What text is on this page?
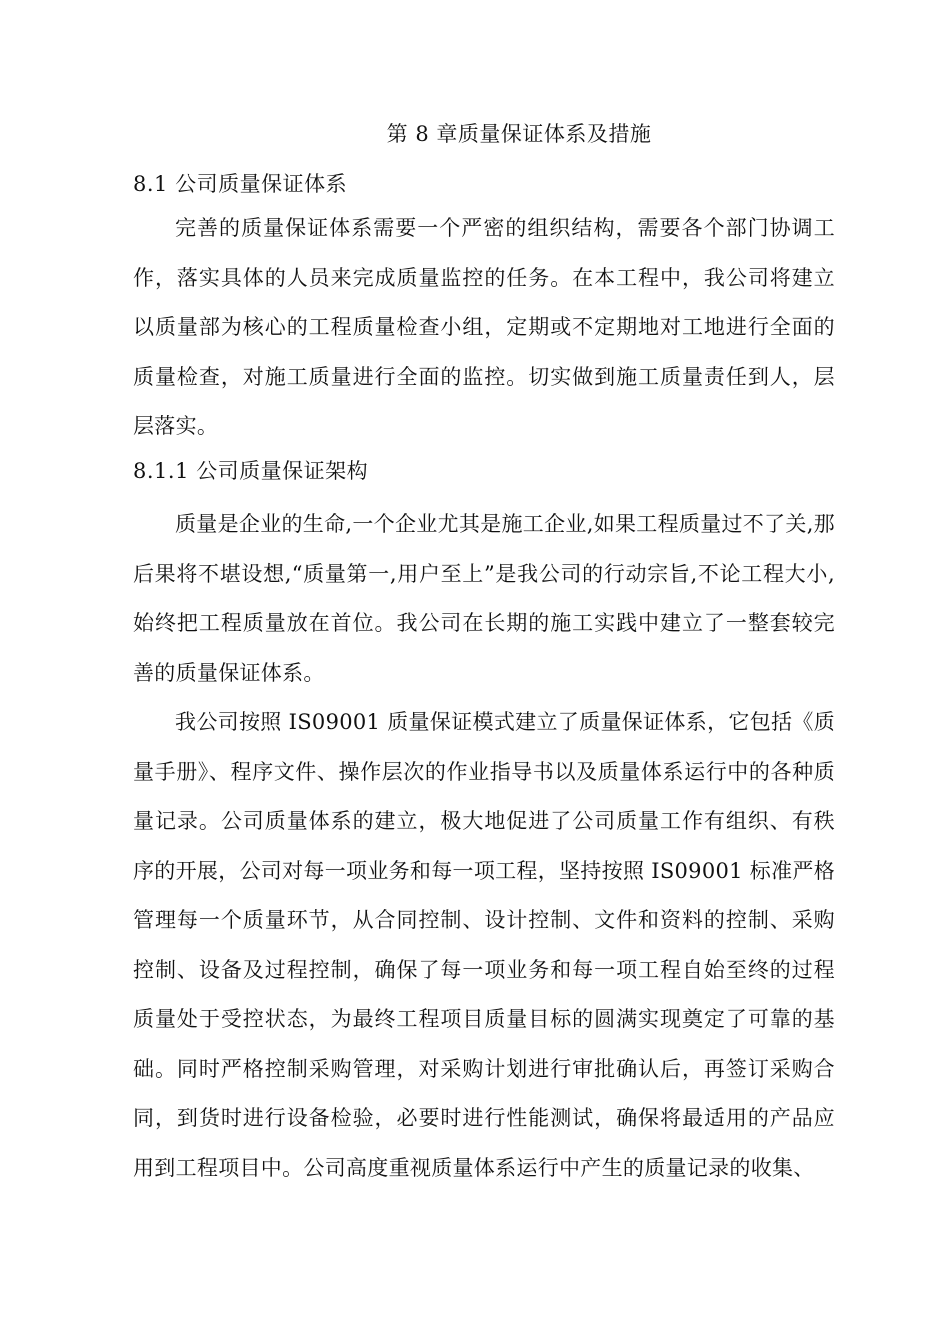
第 8 章质量保证体系及措施
8.1 公司质量保证体系

完善的质量保证体系需要一个严密的组织结构，需要各个部门协调工作，落实具体的人员来完成质量监控的任务。在本工程中，我公司将建立以质量部为核心的工程质量检查小组，定期或不定期地对工地进行全面的质量检查，对施工质量进行全面的监控。切实做到施工质量责任到人，层层落实。

8.1.1 公司质量保证架构

质量是企业的生命,一个企业尤其是施工企业,如果工程质量过不了关,那后果将不堪设想,“质量第一,用户至上”是我公司的行动宗旨,不论工程大小,始终把工程质量放在首位。我公司在长期的施工实践中建立了一整套较完善的质量保证体系。

我公司按照 IS09001 质量保证模式建立了质量保证体系，它包括《质量手册》、程序文件、操作层次的作业指导书以及质量体系运行中的各种质量记录。公司质量体系的建立，极大地促进了公司质量工作有组织、有秩序的开展，公司对每一项业务和每一项工程，坚持按照 IS09001 标准严格管理每一个质量环节，从合同控制、设计控制、文件和资料的控制、采购控制、设备及过程控制，确保了每一项业务和每一项工程自始至终的过程质量处于受控状态，为最终工程项目质量目标的圆满实现奠定了可靠的基础。同时严格控制采购管理，对采购计划进行审批确认后，再签订采购合同，到货时进行设备检验，必要时进行性能测试，确保将最适用的产品应用到工程项目中。公司高度重视质量体系运行中产生的质量记录的收集、
